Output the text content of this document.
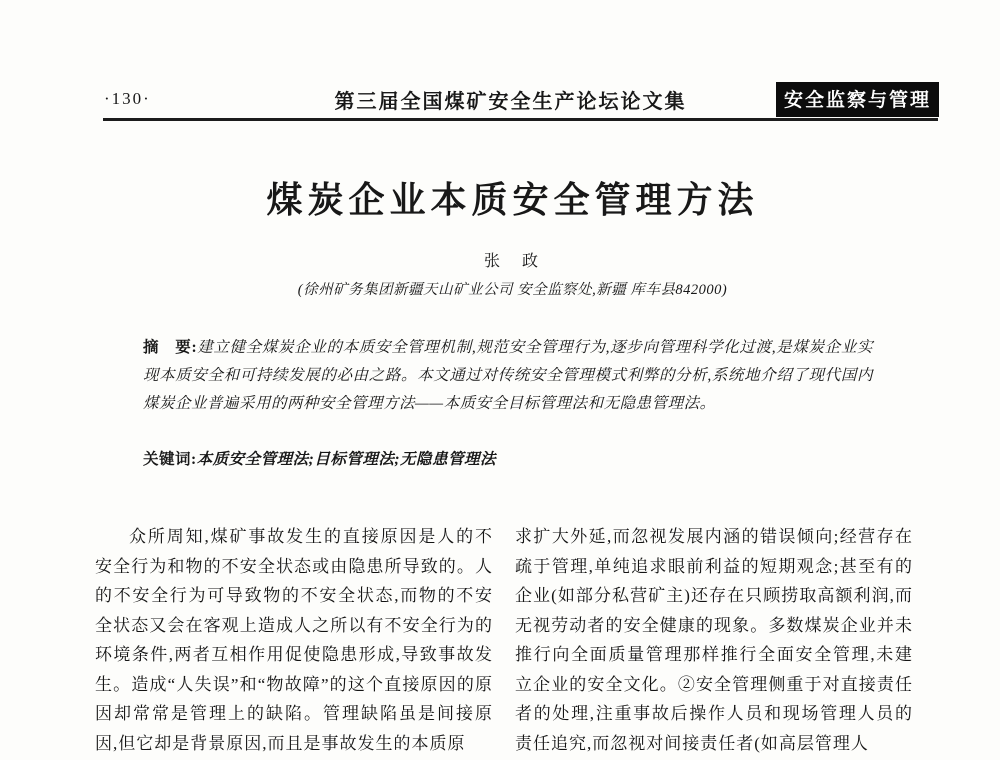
·130·	第三届全国煤矿安全生产论坛论文集	安全监察与管理
煤炭企业本质安全管理方法
张　政
(徐州矿务集团新疆天山矿业公司 安全监察处,新疆 库车县842000)
摘　要:建立健全煤炭企业的本质安全管理机制,规范安全管理行为,逐步向管理科学化过渡,是煤炭企业实现本质安全和可持续发展的必由之路。本文通过对传统安全管理模式利弊的分析,系统地介绍了现代国内煤炭企业普遍采用的两种安全管理方法——本质安全目标管理法和无隐患管理法。
关键词:本质安全管理法;目标管理法;无隐患管理法

众所周知,煤矿事故发生的直接原因是人的不安全行为和物的不安全状态或由隐患所导致的。人的不安全行为可导致物的不安全状态,而物的不安全状态又会在客观上造成人之所以有不安全行为的环境条件,两者互相作用促使隐患形成,导致事故发生。造成“人失误”和“物故障”的这个直接原因的原因却常常是管理上的缺陷。管理缺陷虽是间接原因,但它却是背景原因,而且是事故发生的本质原

求扩大外延,而忽视发展内涵的错误倾向;经营存在疏于管理,单纯追求眼前利益的短期观念;甚至有的企业(如部分私营矿主)还存在只顾捞取高额利润,而无视劳动者的安全健康的现象。多数煤炭企业并未推行向全面质量管理那样推行全面安全管理,未建立企业的安全文化。②安全管理侧重于对直接责任者的处理,注重事故后操作人员和现场管理人员的责任追究,而忽视对间接责任者(如高层管理人
